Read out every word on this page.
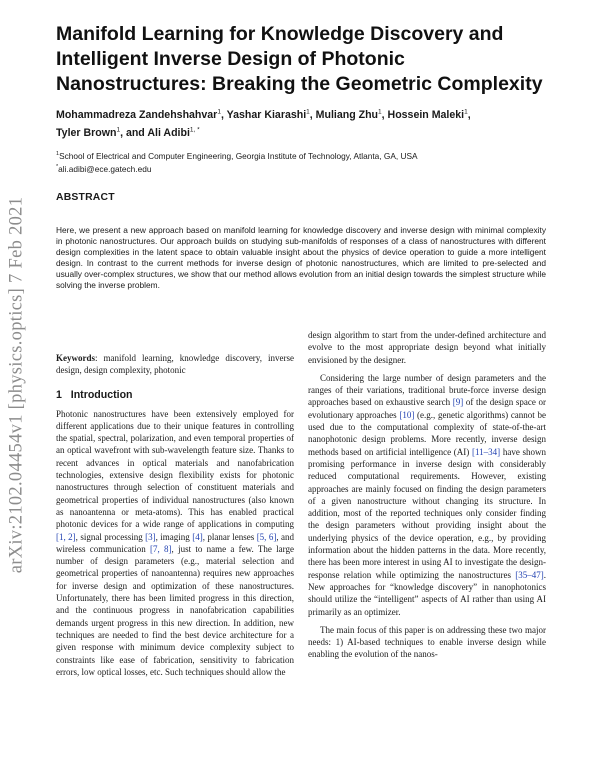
arXiv:2102.04454v1 [physics.optics] 7 Feb 2021
Manifold Learning for Knowledge Discovery and Intelligent Inverse Design of Photonic Nanostructures: Breaking the Geometric Complexity
Mohammadreza Zandehshahvar$^1$, Yashar Kiarashi$^1$, Muliang Zhu$^1$, Hossein Maleki$^1$,
Tyler Brown$^1$, and Ali Adibi$^{1, *}$
$^1$School of Electrical and Computer Engineering, Georgia Institute of Technology, Atlanta, GA, USA
*ali.adibi@ece.gatech.edu
ABSTRACT
Here, we present a new approach based on manifold learning for knowledge discovery and inverse design with minimal complexity in photonic nanostructures. Our approach builds on studying sub-manifolds of responses of a class of nanostructures with different design complexities in the latent space to obtain valuable insight about the physics of device operation to guide a more intelligent design. In contrast to the current methods for inverse design of photonic nanostructures, which are limited to pre-selected and usually over-complex structures, we show that our method allows evolution from an initial design towards the simplest structure while solving the inverse problem.

Keywords: manifold learning, knowledge discovery, inverse design, design complexity, photonic

1 Introduction

Photonic nanostructures have been extensively employed for different applications due to their unique features in controlling the spatial, spectral, polarization, and even temporal properties of an optical wavefront with sub-wavelength feature size. Thanks to recent advances in optical materials and nanofabrication technologies, extensive design flexibility exists for photonic nanostructures through selection of constituent materials and geometrical properties of individual nanostructures (also known as nanoantenna or meta-atoms). This has enabled practical photonic devices for a wide range of applications in computing [1, 2], signal processing [3], imaging [4], planar lenses [5, 6], and wireless communication [7, 8], just to name a few. The large number of design parameters (e.g., material selection and geometrical properties of nanoantenna) requires new approaches for inverse design and optimization of these nanostructures. Unfortunately, there has been limited progress in this direction, and the continuous progress in nanofabrication capabilities demands urgent progress in this new direction. In addition, new techniques are needed to find the best device architecture for a given response with minimum device complexity subject to constraints like ease of fabrication, sensitivity to fabrication errors, low optical losses, etc. Such techniques should allow the

design algorithm to start from the under-defined architecture and evolve to the most appropriate design beyond what initially envisioned by the designer.

Considering the large number of design parameters and the ranges of their variations, traditional brute-force inverse design approaches based on exhaustive search [9] of the design space or evolutionary approaches [10] (e.g., genetic algorithms) cannot be used due to the computational complexity of state-of-the-art nanophotonic design problems. More recently, inverse design methods based on artificial intelligence (AI) [11–34] have shown promising performance in inverse design with considerably reduced computational requirements. However, existing approaches are mainly focused on finding the design parameters of a given nanostructure without changing its structure. In addition, most of the reported techniques only consider finding the design parameters without providing insight about the underlying physics of the device operation, e.g., by providing information about the hidden patterns in the data. More recently, there has been more interest in using AI to investigate the design-response relation while optimizing the nanostructures [35–47]. New approaches for “knowledge discovery” in nanophotonics should utilize the “intelligent” aspects of AI rather than using AI primarily as an optimizer.

The main focus of this paper is on addressing these two major needs: 1) AI-based techniques to enable inverse design while enabling the evolution of the nanos-
